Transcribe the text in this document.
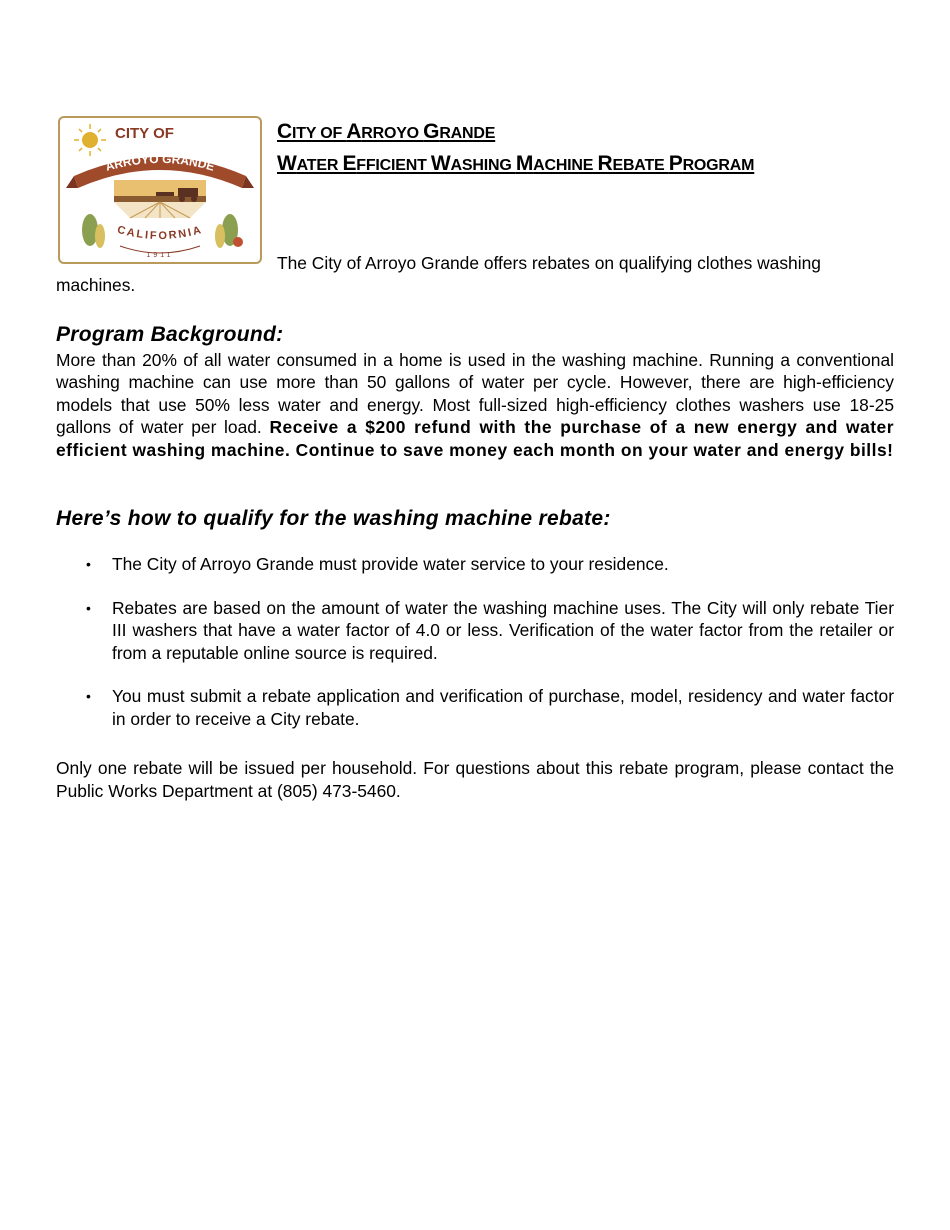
CITY OF
ARROYO GRANDE
CALIFORNIA
1911
CITY OF ARROYO GRANDE
WATER EFFICIENT WASHING MACHINE REBATE PROGRAM
The City of Arroyo Grande offers rebates on qualifying clothes washing machines.
Program Background:
More than 20% of all water consumed in a home is used in the washing machine. Running a conventional washing machine can use more than 50 gallons of water per cycle. However, there are high-efficiency models that use 50% less water and energy. Most full-sized high-efficiency clothes washers use 18-25 gallons of water per load. Receive a $200 refund with the purchase of a new energy and water efficient washing machine. Continue to save money each month on your water and energy bills!
Here’s how to qualify for the washing machine rebate:
• The City of Arroyo Grande must provide water service to your residence.
• Rebates are based on the amount of water the washing machine uses. The City will only rebate Tier III washers that have a water factor of 4.0 or less. Verification of the water factor from the retailer or from a reputable online source is required.
• You must submit a rebate application and verification of purchase, model, residency and water factor in order to receive a City rebate.
Only one rebate will be issued per household. For questions about this rebate program, please contact the Public Works Department at (805) 473-5460.
